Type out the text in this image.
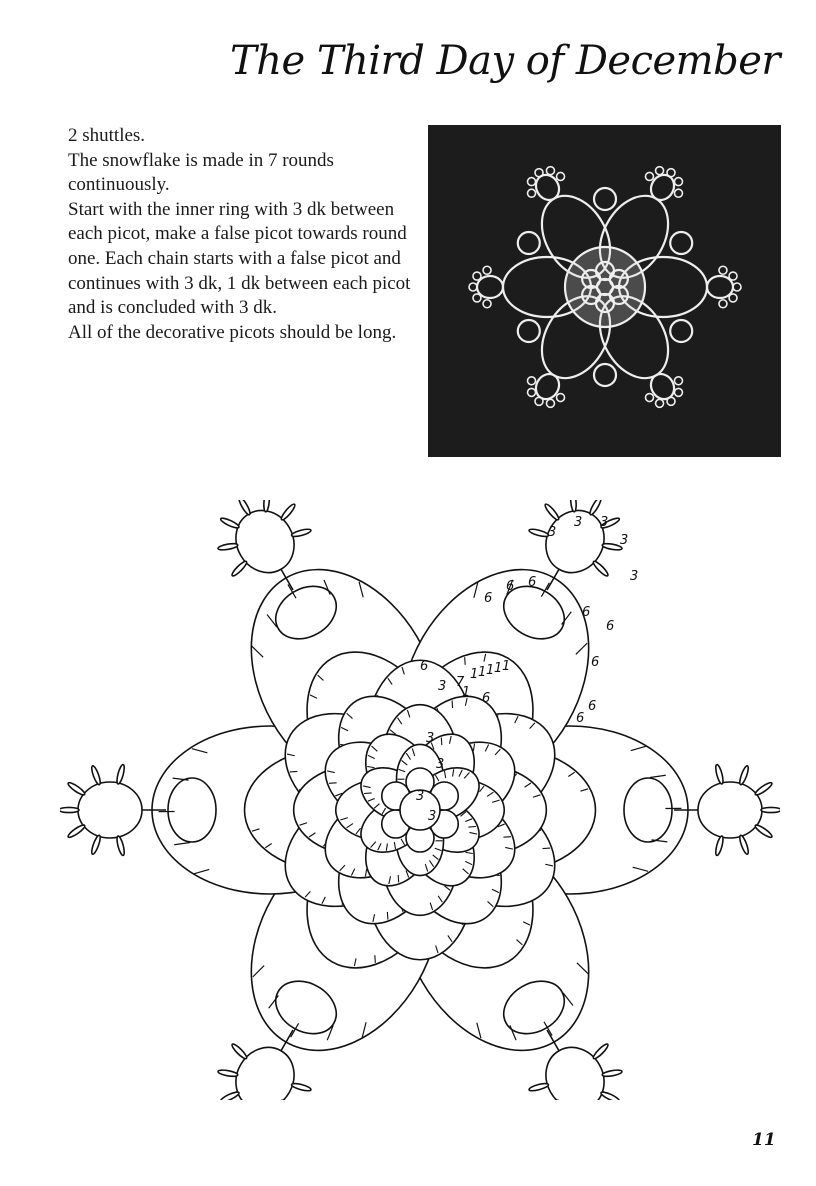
The Third Day of December

2 shuttles.

The snowflake is made in 7 rounds continuously.

Start with the inner ring with 3 dk between each picot, make a false picot towards round one. Each chain starts with a false picot and continues with 3 dk, 1 dk between each picot and is concluded with 3 dk.

All of the decorative picots should be long.

3
3 3
3
3
6
6 6
6
6
6
6
6
6
6
1
1 1 1 1 1
7
3
3
3
3
3
11
